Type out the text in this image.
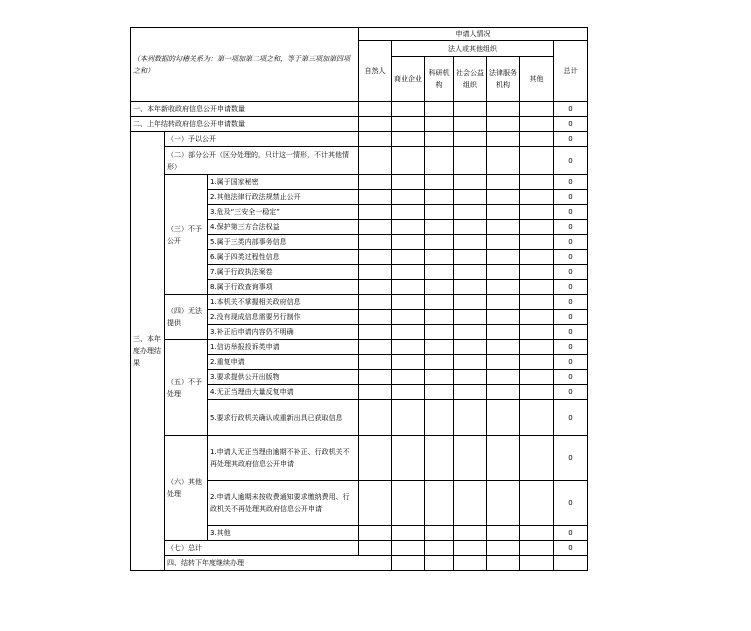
（本列数据的勾稽关系为：第一项加第二项之和，等于第三项加第四项之和）			申请人情况							
			自然人	法人或其他组织					总计	
				商业企业	科研机构	社会公益组织	法律服务机构	其他		
一、本年新收政府信息公开申请数量									0	
二、上年结转政府信息公开申请数量									0	
三、本年度办理结果	（一）予以公开								0	
	（二）部分公开（区分处理的，只计这一情形，不计其他情形）								0	
	（三）不予公开	1.属于国家秘密							0	
		2.其他法律行政法规禁止公开							0	
		3.危及“三安全一稳定”							0	
		4.保护第三方合法权益							0	
		5.属于三类内部事务信息							0	
		6.属于四类过程性信息							0	
		7.属于行政执法案卷							0	
		8.属于行政查询事项							0	
	（四）无法提供	1.本机关不掌握相关政府信息							0	
		2.没有现成信息需要另行制作							0	
		3.补正后申请内容仍不明确							0	
	（五）不予处理	1.信访举报投诉类申请							0	
		2.重复申请							0	
		3.要求提供公开出版物							0	
		4.无正当理由大量反复申请							0	
		5.要求行政机关确认或重新出具已获取信息							0	
	（六）其他处理	1.申请人无正当理由逾期不补正、行政机关不再处理其政府信息公开申请							0	
		2.申请人逾期未按收费通知要求缴纳费用、行政机关不再处理其政府信息公开申请							0	
		3.其他							0	
	（七）总计								0	
	四、结转下年度继续办理							
